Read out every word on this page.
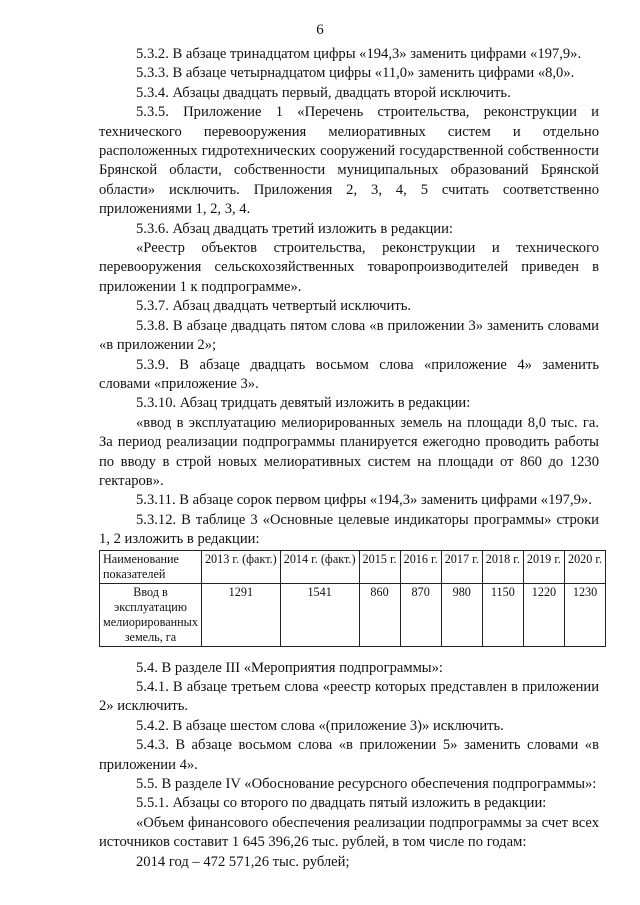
6

5.3.2. В абзаце тринадцатом цифры «194,3» заменить цифрами «197,9».

5.3.3. В абзаце четырнадцатом цифры «11,0» заменить цифрами «8,0».

5.3.4. Абзацы двадцать первый, двадцать второй исключить.

5.3.5. Приложение 1 «Перечень строительства, реконструкции и технического перевооружения мелиоративных систем и отдельно расположенных гидротехнических сооружений государственной собственности Брянской области, собственности муниципальных образований Брянской области» исключить. Приложения 2, 3, 4, 5 считать соответственно приложениями 1, 2, 3, 4.

5.3.6. Абзац двадцать третий изложить в редакции:

«Реестр объектов строительства, реконструкции и технического перевооружения сельскохозяйственных товаропроизводителей приведен в приложении 1 к подпрограмме».

5.3.7. Абзац двадцать четвертый исключить.

5.3.8. В абзаце двадцать пятом слова «в приложении 3» заменить словами «в приложении 2»;

5.3.9. В абзаце двадцать восьмом слова «приложение 4» заменить словами «приложение 3».

5.3.10. Абзац тридцать девятый изложить в редакции:

«ввод в эксплуатацию мелиорированных земель на площади 8,0 тыс. га. За период реализации подпрограммы планируется ежегодно проводить работы по вводу в строй новых мелиоративных систем на площади от 860 до 1230 гектаров».

5.3.11. В абзаце сорок первом цифры «194,3» заменить цифрами «197,9».

5.3.12. В таблице 3 «Основные целевые индикаторы программы» строки 1, 2 изложить в редакции:

Наименование показателей	2013 г. (факт.)	2014 г. (факт.)	2015 г.	2016 г.	2017 г.	2018 г.	2019 г.	2020 г.
Ввод в эксплуатацию мелиорированных земель, га	1291	1541	860	870	980	1150	1220	1230

5.4. В разделе III «Мероприятия подпрограммы»:

5.4.1. В абзаце третьем слова «реестр которых представлен в приложении 2» исключить.

5.4.2. В абзаце шестом слова «(приложение 3)» исключить.

5.4.3. В абзаце восьмом слова «в приложении 5» заменить словами «в приложении 4».

5.5. В разделе IV «Обоснование ресурсного обеспечения подпрограммы»:

5.5.1. Абзацы со второго по двадцать пятый изложить в редакции:

«Объем финансового обеспечения реализации подпрограммы за счет всех источников составит 1 645 396,26 тыс. рублей, в том числе по годам:

2014 год – 472 571,26 тыс. рублей;
